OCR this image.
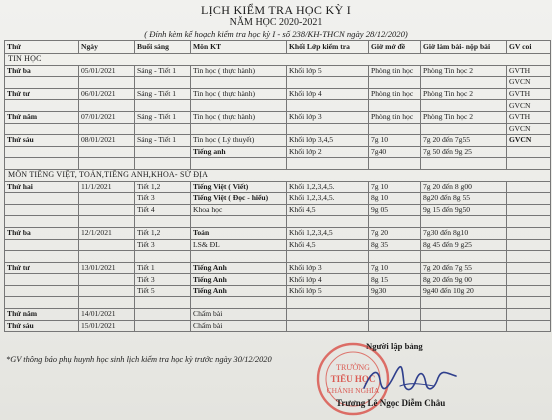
LỊCH KIỂM TRA HỌC KỲ I
NĂM HỌC 2020-2021
( Đính kèm kế hoạch kiểm tra học kỳ I - số 238/KH-THCN ngày 28/12/2020)
Thứ	Ngày	Buổi sáng	Môn KT	Khối Lớp kiểm tra	Giờ mở đề	Giờ làm bài- nộp bài	GV coi
TIN HỌC							
Thứ ba	05/01/2021	Sáng - Tiết 1	Tin học ( thực hành)	Khối lớp 5	Phòng tin học	Phòng Tin học 2	GVTH
							GVCN
Thứ tư	06/01/2021	Sáng - Tiết 1	Tin học ( thực hành)	Khối lớp 4	Phòng tin học	Phòng Tin học 2	GVTH
							GVCN
Thứ năm	07/01/2021	Sáng - Tiết 1	Tin học ( thực hành)	Khối lớp 3	Phòng tin học	Phòng Tin học 2	GVTH
							GVCN
Thứ sáu	08/01/2021	Sáng - Tiết 1	Tin học ( Lý thuyết)	Khối lớp 3,4,5	7g 10	7g 20 đến 7g55	GVCN
			Tiếng anh	Khối lớp 2	7g40	7g 50 đến 9g 25	

MÔN TIẾNG VIỆT, TOÁN,TIẾNG ANH,KHOA- SỬ ĐỊA							
Thứ hai	11/1/2021	Tiết 1,2	Tiếng Việt ( Viết)	Khối 1,2,3,4,5.	7g 10	7g 20 đến 8 g00	
		Tiết 3	Tiếng Việt ( Đọc - hiểu)	Khối 1,2,3,4,5.	8g 10	8g20 đến 8g 55	
		Tiết 4	Khoa học	Khối 4,5	9g 05	9g 15 đến 9g50	

Thứ ba	12/1/2021	Tiết 1,2	Toán	Khối 1,2,3,4,5	7g 20	7g30 đến 8g10	
		Tiết 3	LS& ĐL	Khối 4,5	8g 35	8g 45 đến 9 g25	

Thứ tư	13/01/2021	Tiết 1	Tiếng Anh	Khối lớp 3	7g 10	7g 20 đến 7g 55	
		Tiết 3	Tiếng Anh	Khối lớp 4	8g 15	8g 20 đến 9g 00	
		Tiết 5	Tiếng Anh	Khối lớp 5	9g30	9g40 đến 10g 20	

Thứ năm	14/01/2021		Chấm bài				
Thứ sáu	15/01/2021		Chấm bài				
*GV thông báo phụ huynh học sinh lịch kiểm tra học kỳ trước ngày 30/12/2020
TRƯỜNG
TIỂU HỌC
CHÁNH NGHĨA
Người lập bảng
Trương Lê Ngọc Diễm Châu
